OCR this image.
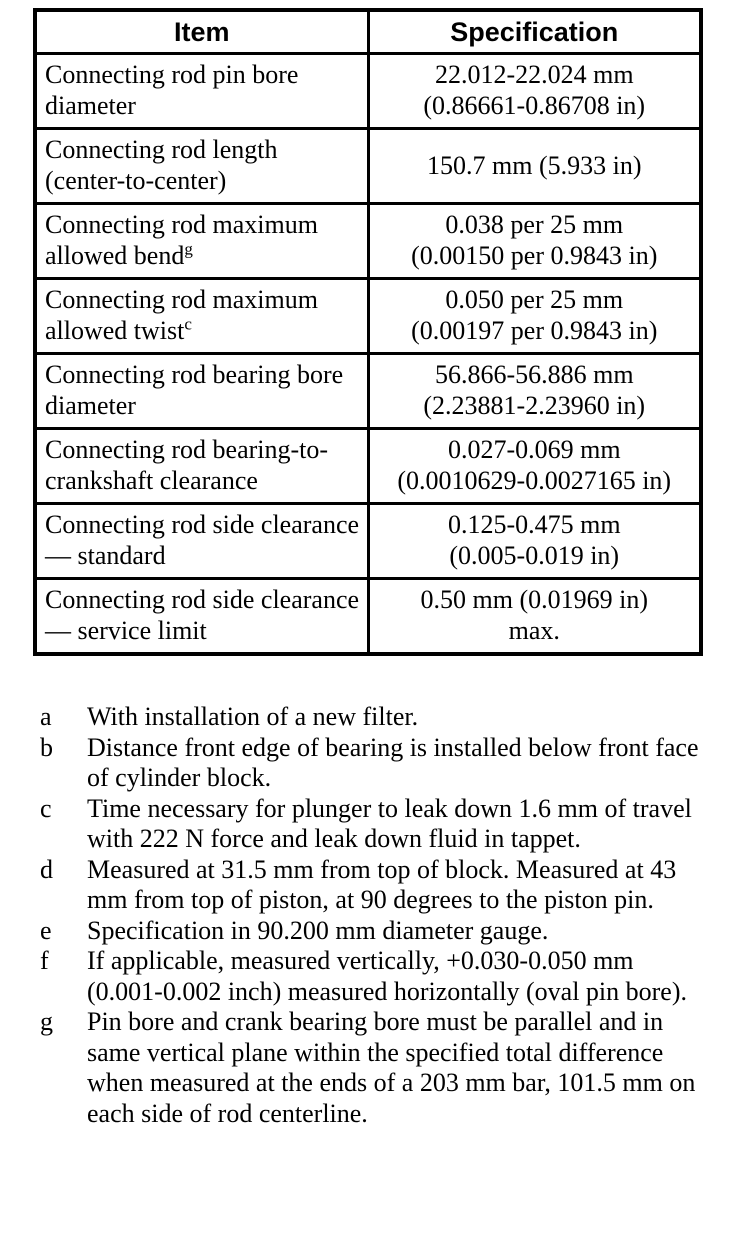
Item	Specification
Connecting rod pin bore diameter	22.012-22.024 mm
(0.86661-0.86708 in)

Connecting rod length (center-to-center)	150.7 mm (5.933 in)

Connecting rod maximum allowed bend$^g$	0.038 per 25 mm
(0.00150 per 0.9843 in)

Connecting rod maximum allowed twist$^c$	0.050 per 25 mm
(0.00197 per 0.9843 in)

Connecting rod bearing bore diameter	56.866-56.886 mm
(2.23881-2.23960 in)

Connecting rod bearing-to-crankshaft clearance	0.027-0.069 mm
(0.0010629-0.0027165 in)

Connecting rod side clearance — standard	0.125-0.475 mm
(0.005-0.019 in)

Connecting rod side clearance — service limit	0.50 mm (0.01969 in)
max.
a	With installation of a new filter.
b	Distance front edge of bearing is installed below front face of cylinder block.
c	Time necessary for plunger to leak down 1.6 mm of travel with 222 N force and leak down fluid in tappet.
d	Measured at 31.5 mm from top of block. Measured at 43 mm from top of piston, at 90 degrees to the piston pin.
e	Specification in 90.200 mm diameter gauge.
f	If applicable, measured vertically, +0.030-0.050 mm (0.001-0.002 inch) measured horizontally (oval pin bore).
g	Pin bore and crank bearing bore must be parallel and in same vertical plane within the specified total difference when measured at the ends of a 203 mm bar, 101.5 mm on each side of rod centerline.
